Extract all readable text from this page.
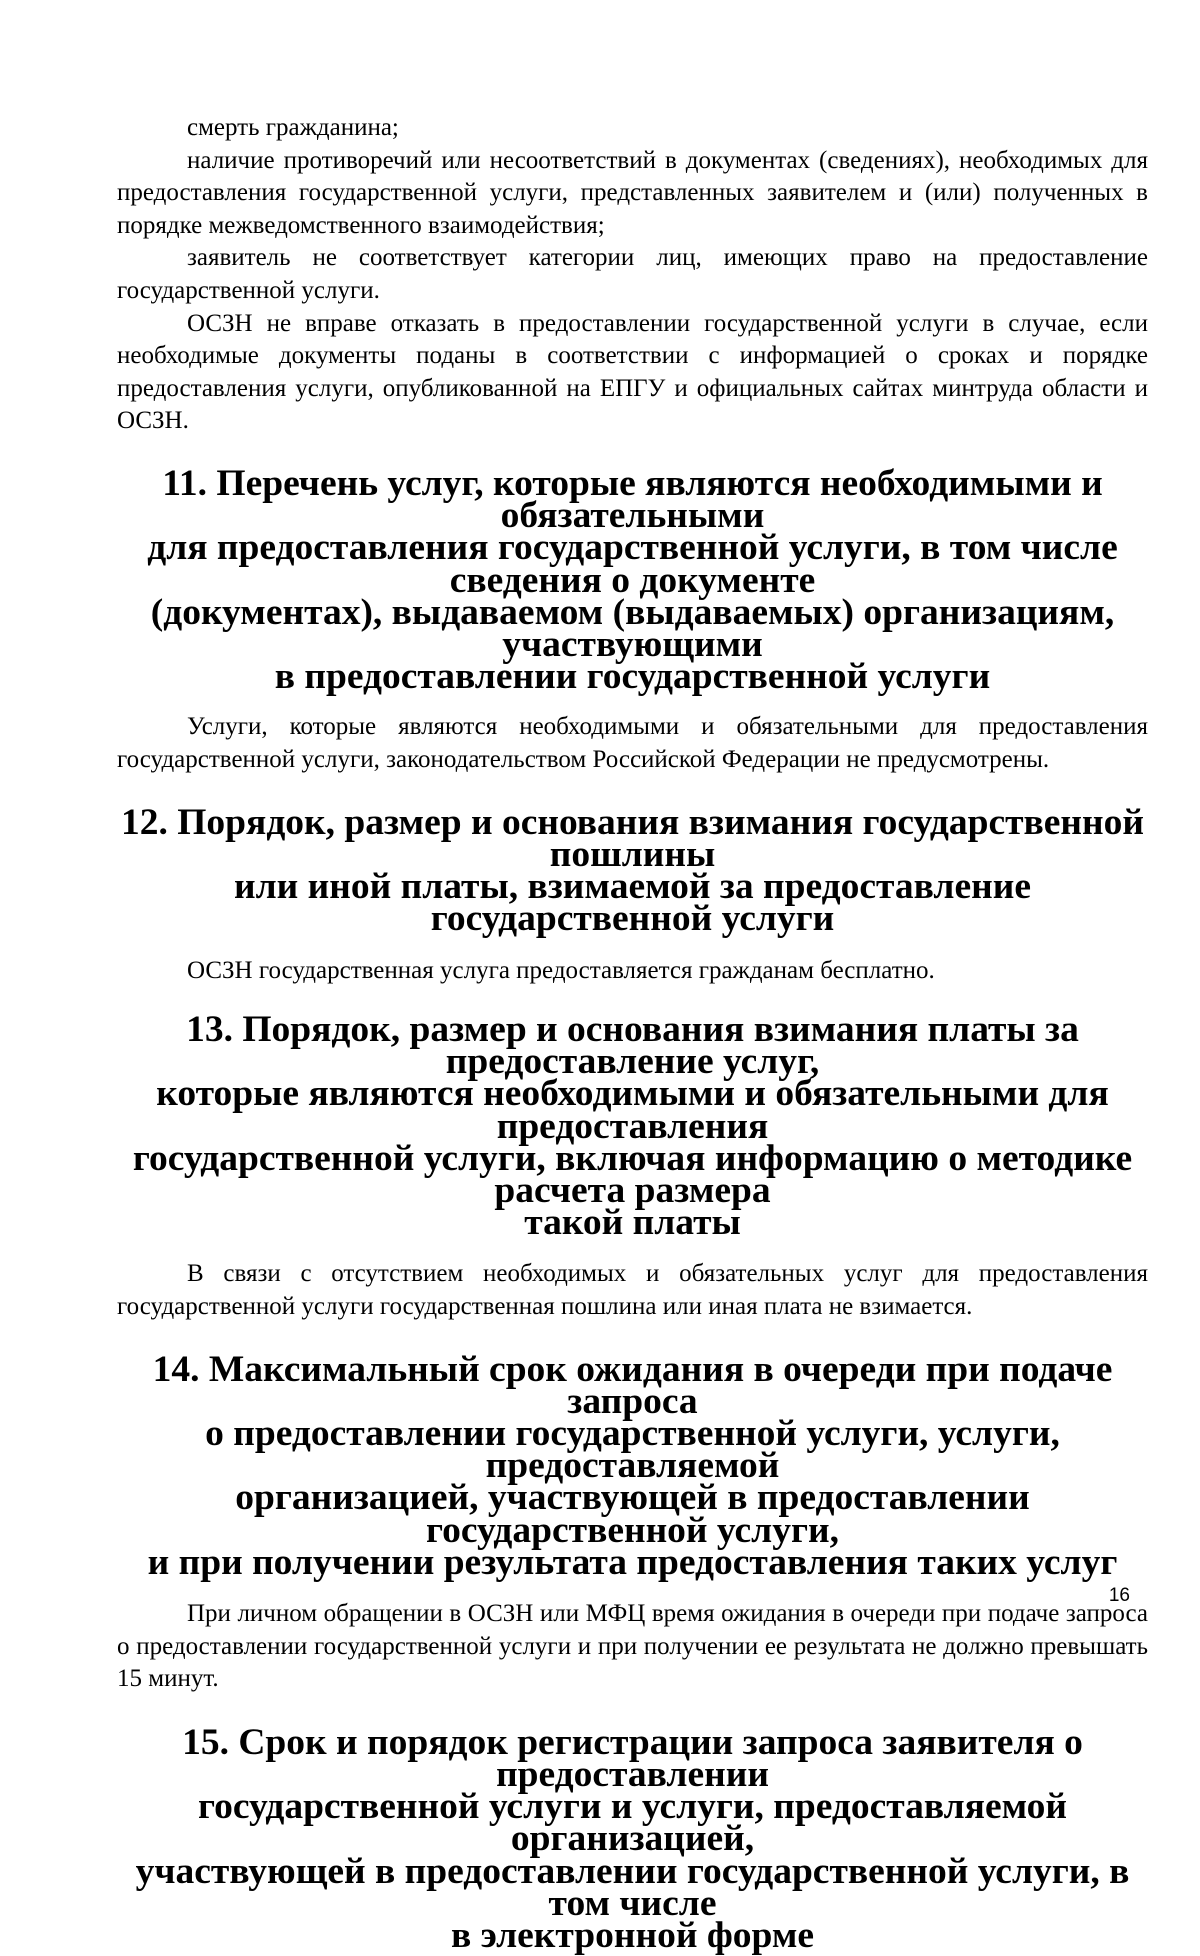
смерть гражданина;

наличие противоречий или несоответствий в документах (сведениях), необходимых для предоставления государственной услуги, представленных заявителем и (или) полученных в порядке межведомственного взаимодействия;

заявитель не соответствует категории лиц, имеющих право на предоставление государственной услуги.

ОСЗН не вправе отказать в предоставлении государственной услуги в случае, если необходимые документы поданы в соответствии с информацией о сроках и порядке предоставления услуги, опубликованной на ЕПГУ и официальных сайтах минтруда области и ОСЗН.

11. Перечень услуг, которые являются необходимыми и обязательными
для предоставления государственной услуги, в том числе сведения о документе
(документах), выдаваемом (выдаваемых) организациям, участвующими
в предоставлении государственной услуги

Услуги, которые являются необходимыми и обязательными для предоставления государственной услуги, законодательством Российской Федерации не предусмотрены.

12. Порядок, размер и основания взимания государственной пошлины
или иной платы, взимаемой за предоставление государственной услуги

ОСЗН государственная услуга предоставляется гражданам бесплатно.

13. Порядок, размер и основания взимания платы за предоставление услуг,
которые являются необходимыми и обязательными для предоставления
государственной услуги, включая информацию о методике расчета размера
такой платы

В связи с отсутствием необходимых и обязательных услуг для предоставления государственной услуги государственная пошлина или иная плата не взимается.

14. Максимальный срок ожидания в очереди при подаче запроса
о предоставлении государственной услуги, услуги, предоставляемой
организацией, участвующей в предоставлении государственной услуги,
и при получении результата предоставления таких услуг

При личном обращении в ОСЗН или МФЦ время ожидания в очереди при подаче запроса о предоставлении государственной услуги и при получении ее результата не должно превышать 15 минут.

15. Срок и порядок регистрации запроса заявителя о предоставлении
государственной услуги и услуги, предоставляемой организацией,
участвующей в предоставлении государственной услуги, в том числе
в электронной форме
16
